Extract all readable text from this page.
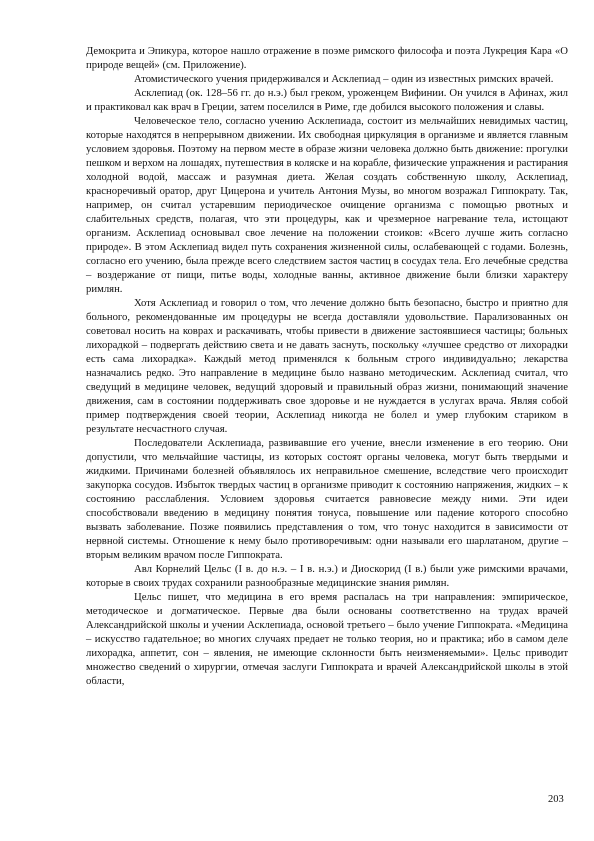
Демокрита и Эпикура, которое нашло отражение в поэме римского философа и поэта Лукреция Кара «О природе вещей» (см. Приложение).

Атомистического учения придерживался и Асклепиад – один из известных римских врачей.

Асклепиад (ок. 128–56 гг. до н.э.) был греком, уроженцем Вифинии. Он учился в Афинах, жил и практиковал как врач в Греции, затем поселился в Риме, где добился высокого положения и славы.

Человеческое тело, согласно учению Асклепиада, состоит из мельчайших невидимых частиц, которые находятся в непрерывном движении. Их свободная циркуляция в организме и является главным условием здоровья. Поэтому на первом месте в образе жизни человека должно быть движение: прогулки пешком и верхом на лошадях, путешествия в коляске и на корабле, физические упражнения и растирания холодной водой, массаж и разумная диета. Желая создать собственную школу, Асклепиад, красноречивый оратор, друг Цицерона и учитель Антония Музы, во многом возражал Гиппократу. Так, например, он считал устаревшим периодическое очищение организма с помощью рвотных и слабительных средств, полагая, что эти процедуры, как и чрезмерное нагревание тела, истощают организм. Асклепиад основывал свое лечение на положении стоиков: «Всего лучше жить согласно природе». В этом Асклепиад видел путь сохранения жизненной силы, ослабевающей с годами. Болезнь, согласно его учению, была прежде всего следствием застоя частиц в сосудах тела. Его лечебные средства – воздержание от пищи, питье воды, холодные ванны, активное движение были близки характеру римлян.

Хотя Асклепиад и говорил о том, что лечение должно быть безопасно, быстро и приятно для больного, рекомендованные им процедуры не всегда доставляли удовольствие. Парализованных он советовал носить на коврах и раскачивать, чтобы привести в движение застоявшиеся частицы; больных лихорадкой – подвергать действию света и не давать заснуть, поскольку «лучшее средство от лихорадки есть сама лихорадка». Каждый метод применялся к больным строго индивидуально; лекарства назначались редко. Это направление в медицине было названо методическим. Асклепиад считал, что сведущий в медицине человек, ведущий здоровый и правильный образ жизни, понимающий значение движения, сам в состоянии поддерживать свое здоровье и не нуждается в услугах врача. Являя собой пример подтверждения своей теории, Асклепиад никогда не болел и умер глубоким стариком в результате несчастного случая.

Последователи Асклепиада, развивавшие его учение, внесли изменение в его теорию. Они допустили, что мельчайшие частицы, из которых состоят органы человека, могут быть твердыми и жидкими. Причинами болезней объявлялось их неправильное смешение, вследствие чего происходит закупорка сосудов. Избыток твердых частиц в организме приводит к состоянию напряжения, жидких – к состоянию расслабления. Условием здоровья считается равновесие между ними. Эти идеи способствовали введению в медицину понятия тонуса, повышение или падение которого способно вызвать заболевание. Позже появились представления о том, что тонус находится в зависимости от нервной системы. Отношение к нему было противоречивым: одни называли его шарлатаном, другие – вторым великим врачом после Гиппократа.

Авл Корнелий Цельс (I в. до н.э. – I в. н.э.) и Диоскорид (I в.) были уже римскими врачами, которые в своих трудах сохранили разнообразные медицинские знания римлян.

Цельс пишет, что медицина в его время распалась на три направления: эмпирическое, методическое и догматическое. Первые два были основаны соответственно на трудах врачей Александрийской школы и учении Асклепиада, основой третьего – было учение Гиппократа. «Медицина – искусство гадательное; во многих случаях предает не только теория, но и практика; ибо в самом деле лихорадка, аппетит, сон – явления, не имеющие склонности быть неизменяемыми». Цельс приводит множество сведений о хирургии, отмечая заслуги Гиппократа и врачей Александрийской школы в этой области,

203
